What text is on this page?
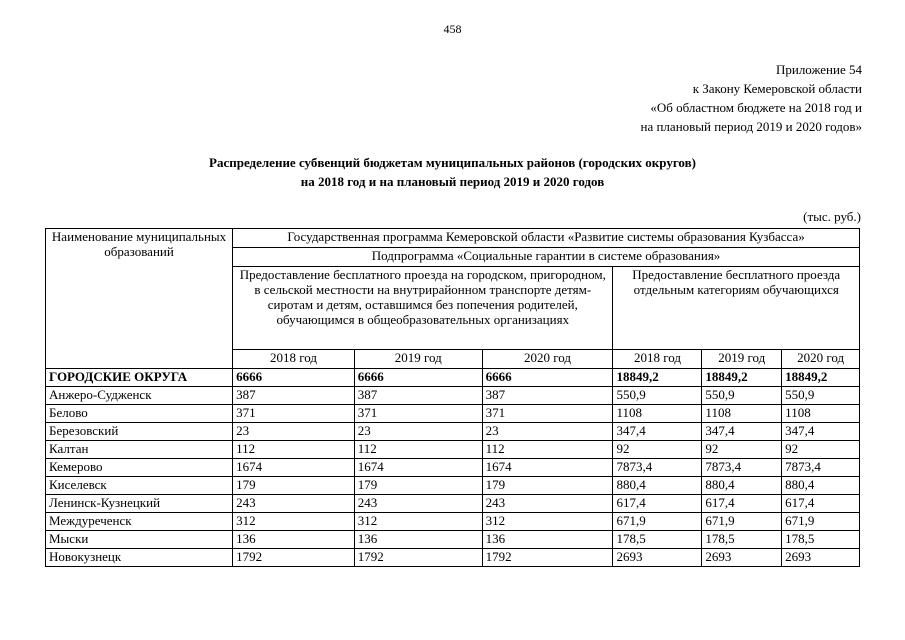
458
Приложение 54
к Закону Кемеровской области
«Об областном бюджете на 2018 год и
на плановый период 2019 и 2020 годов»
Распределение субвенций бюджетам муниципальных районов (городских округов)
на 2018 год и на плановый период 2019 и 2020 годов
(тыс. руб.)
Наименование муниципальных образований	Государственная программа Кемеровской области «Развитие системы образования Кузбасса»					
	Подпрограмма «Социальные гарантии в системе образования»					
	Предоставление бесплатного проезда на городском, пригородном, в сельской местности на внутрирайонном транспорте детям-сиротам и детям, оставшимся без попечения родителей, обучающимся в общеобразовательных организациях			Предоставление бесплатного проезда отдельным категориям обучающихся		
	2018 год	2019 год	2020 год	2018 год	2019 год	2020 год
ГОРОДСКИЕ ОКРУГА	6666	6666	6666	18849,2	18849,2	18849,2
Анжеро-Судженск	387	387	387	550,9	550,9	550,9
Белово	371	371	371	1108	1108	1108
Березовский	23	23	23	347,4	347,4	347,4
Калтан	112	112	112	92	92	92
Кемерово	1674	1674	1674	7873,4	7873,4	7873,4
Киселевск	179	179	179	880,4	880,4	880,4
Ленинск-Кузнецкий	243	243	243	617,4	617,4	617,4
Междуреченск	312	312	312	671,9	671,9	671,9
Мыски	136	136	136	178,5	178,5	178,5
Новокузнецк	1792	1792	1792	2693	2693	2693
